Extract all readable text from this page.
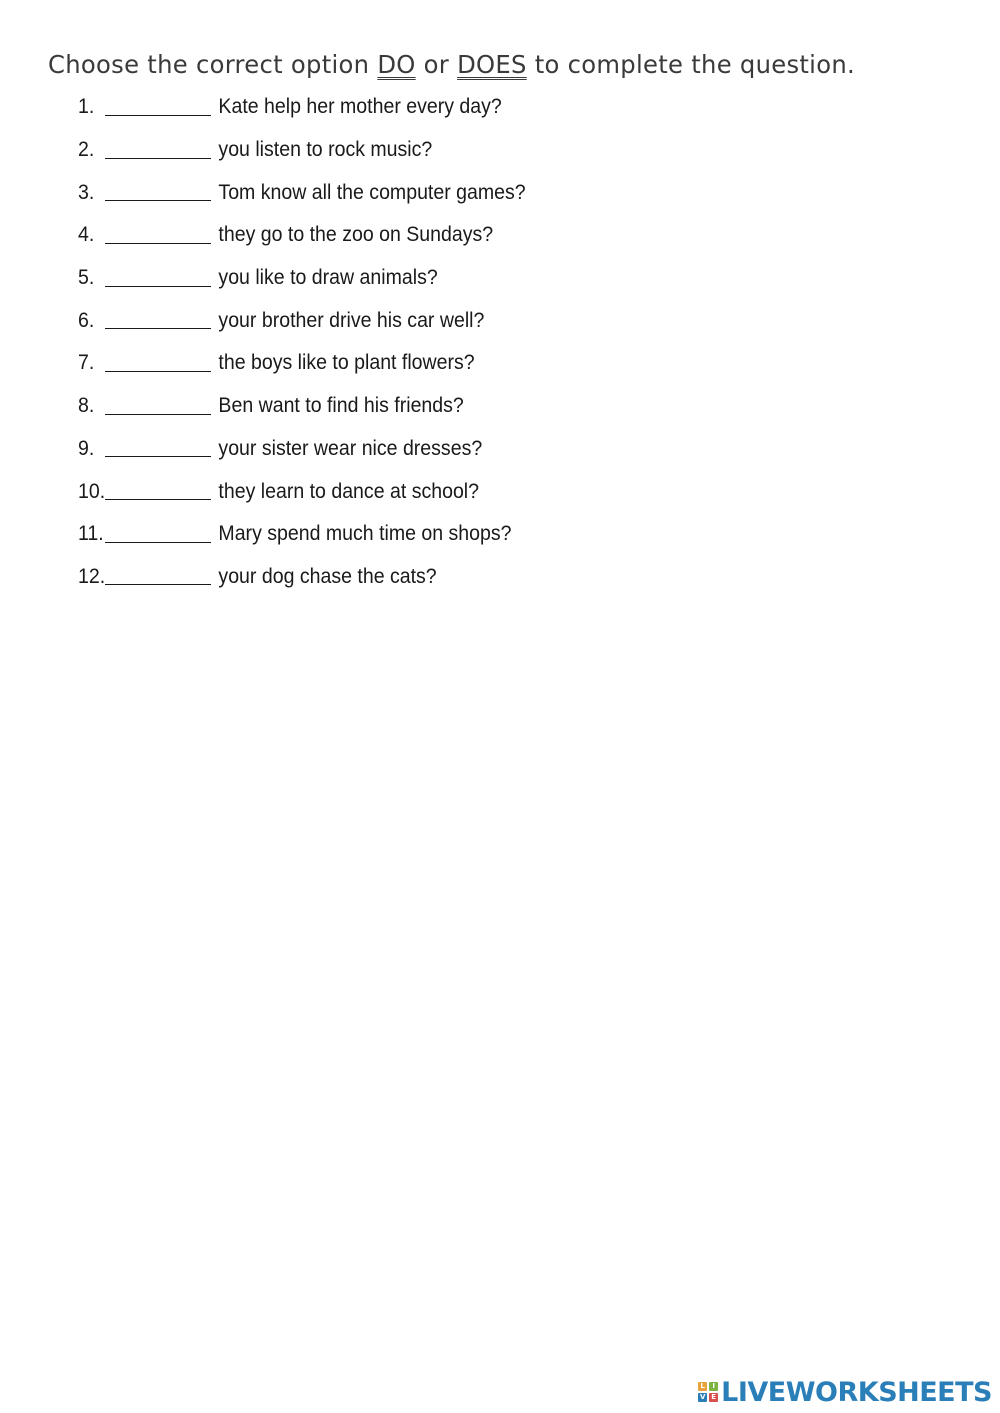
Choose the correct option DO or DOES to complete the question.
1.	Kate help her mother every day?
2.	you listen to rock music?
3.	Tom know all the computer games?
4.	they go to the zoo on Sundays?
5.	you like to draw animals?
6.	your brother drive his car well?
7.	the boys like to plant flowers?
8.	Ben want to find his friends?
9.	your sister wear nice dresses?
10.	they learn to dance at school?
11.	Mary spend much time on shops?
12.	your dog chase the cats?
L	I
V E LIVEWORKSHEETS
